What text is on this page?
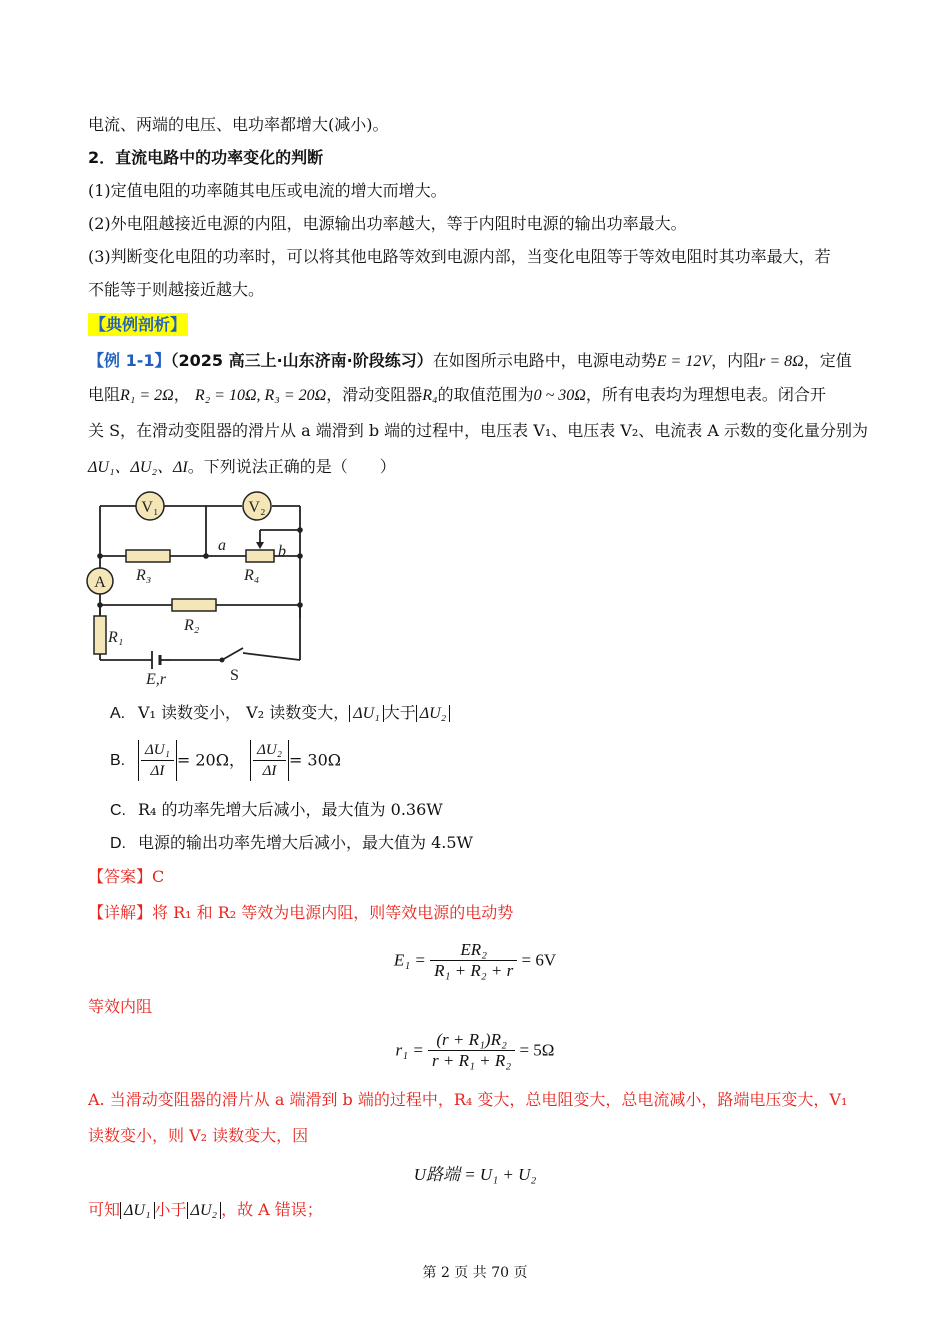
电流、两端的电压、电功率都增大(减小)。
2．直流电路中的功率变化的判断
(1)定值电阻的功率随其电压或电流的增大而增大。
(2)外电阻越接近电源的内阻，电源输出功率越大，等于内阻时电源的输出功率最大。
(3)判断变化电阻的功率时，可以将其他电路等效到电源内部，当变化电阻等于等效电阻时其功率最大，若
不能等于则越接近越大。
【典例剖析】
【例 1-1】（2025 高三上·山东济南·阶段练习）在如图所示电路中，电源电动势E = 12V，内阻r = 8Ω，定值
电阻R₁ = 2Ω， R₂ = 10Ω, R₃ = 20Ω，滑动变阻器R₄的取值范围为0 ~ 30Ω，所有电表均为理想电表。闭合开
关 S，在滑动变阻器的滑片从 a 端滑到 b 端的过程中，电压表 V₁、电压表 V₂、电流表 A 示数的变化量分别为
ΔU₁、ΔU₂、ΔI。下列说法正确的是（　　）
V₁	V₂
A R₃	R₄
R₂
R₁
a	b
E,r	S
A. V₁ 读数变小， V₂ 读数变大， ΔU₁ 大于 ΔU₂
B. $\frac{\text{ΔU₁}}{\Delta I} = 20\Omega$， $\frac{\text{ΔU₂}}{\Delta I} = 30\Omega$
C. R₄ 的功率先增大后减小，最大值为 0.36W
D. 电源的输出功率先增大后减小，最大值为 4.5W
【答案】C
【详解】将 R₁ 和 R₂ 等效为电源内阻，则等效电源的电动势
$E_1 = \frac{\text{ER₂}}{\text{R₁ + R₂ + r}} = 6V$
等效内阻
$r_1 = \frac{\text{(r + R₁)R₂}}{\text{r + R₁ + R₂}} = 5\Omega$
A. 当滑动变阻器的滑片从 a 端滑到 b 端的过程中，R₄ 变大，总电阻变大，总电流减小，路端电压变大，V₁
读数变小，则 V₂ 读数变大，因
U路端 = U₁ + U₂
可知 ΔU₁ 小于 ΔU₂ ，故 A 错误；
第 2 页 共 70 页
